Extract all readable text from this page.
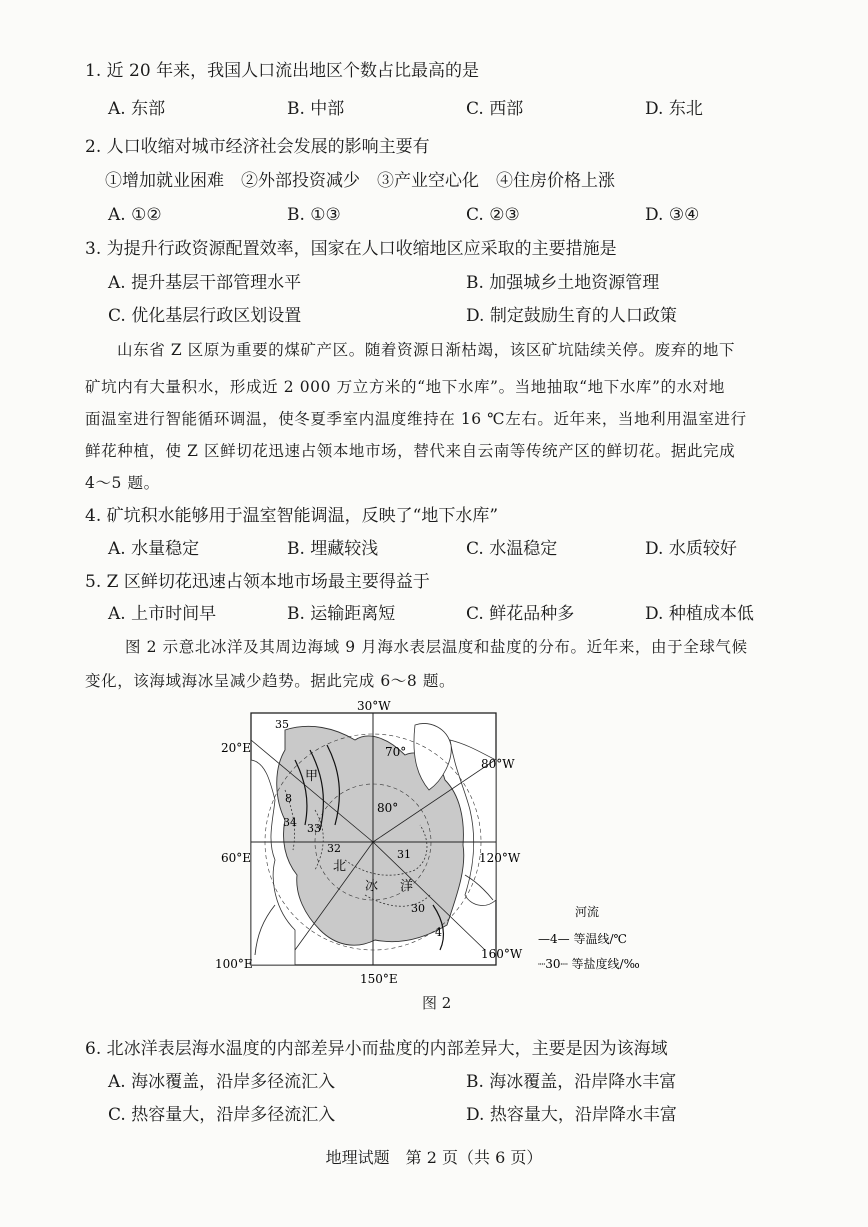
1. 近 20 年来，我国人口流出地区个数占比最高的是
A. 东部	B. 中部	C. 西部	D. 东北
2. 人口收缩对城市经济社会发展的影响主要有
①增加就业困难　②外部投资减少　③产业空心化　④住房价格上涨
A. ①②	B. ①③	C. ②③	D. ③④
3. 为提升行政资源配置效率，国家在人口收缩地区应采取的主要措施是
A. 提升基层干部管理水平	B. 加强城乡土地资源管理
C. 优化基层行政区划设置	D. 制定鼓励生育的人口政策
山东省 Z 区原为重要的煤矿产区。随着资源日渐枯竭，该区矿坑陆续关停。废弃的地下
矿坑内有大量积水，形成近 2 000 万立方米的“地下水库”。当地抽取“地下水库”的水对地
面温室进行智能循环调温，使冬夏季室内温度维持在 16 ℃左右。近年来，当地利用温室进行
鲜花种植，使 Z 区鲜切花迅速占领本地市场，替代来自云南等传统产区的鲜切花。据此完成
4～5 题。
4. 矿坑积水能够用于温室智能调温，反映了“地下水库”
A. 水量稳定	B. 埋藏较浅	C. 水温稳定	D. 水质较好
5. Z 区鲜切花迅速占领本地市场最主要得益于
A. 上市时间早	B. 运输距离短	C. 鲜花品种多	D. 种植成本低
图 2 示意北冰洋及其周边海域 9 月海水表层温度和盐度的分布。近年来，由于全球气候
变化，该海域海冰呈减少趋势。据此完成 6～8 题。
30°W
20°E
60°E
100°E
80°W
120°W
160°W
150°E
70°
80°
甲
北
冰 洋
35
34 33
32	31
30
4
8
河流
—4— 等温线/℃
┈30┈ 等盐度线/‰
图 2
6. 北冰洋表层海水温度的内部差异小而盐度的内部差异大，主要是因为该海域
A. 海冰覆盖，沿岸多径流汇入	B. 海冰覆盖，沿岸降水丰富
C. 热容量大，沿岸多径流汇入	D. 热容量大，沿岸降水丰富
地理试题　第 2 页（共 6 页）
